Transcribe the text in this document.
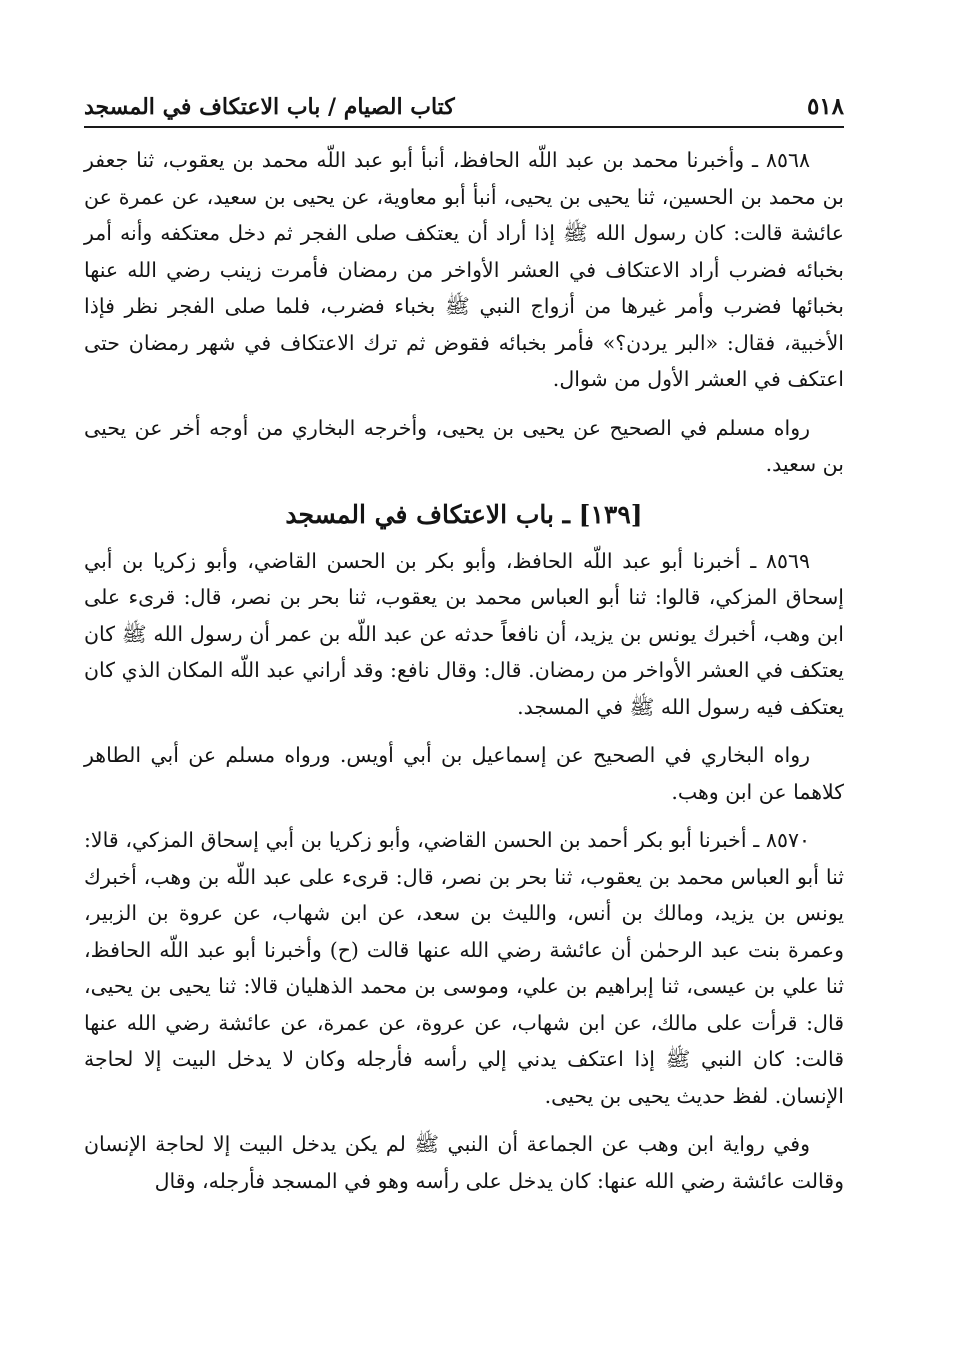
٥١٨
كتاب الصيام / باب الاعتكاف في المسجد

٨٥٦٨ ـ وأخبرنا محمد بن عبد اللّه الحافظ، أنبأ أبو عبد اللّه محمد بن يعقوب، ثنا جعفر بن محمد بن الحسين، ثنا يحيى بن يحيى، أنبأ أبو معاوية، عن يحيى بن سعيد، عن عمرة عن عائشة قالت: كان رسول الله ﷺ إذا أراد أن يعتكف صلى الفجر ثم دخل معتكفه وأنه أمر بخبائه فضرب أراد الاعتكاف في العشر الأواخر من رمضان فأمرت زينب رضي الله عنها بخبائها فضرب وأمر غيرها من أزواج النبي ﷺ بخباء فضرب، فلما صلى الفجر نظر فإذا الأخبية، فقال: «البر يردن؟» فأمر بخبائه فقوض ثم ترك الاعتكاف في شهر رمضان حتى اعتكف في العشر الأول من شوال.

رواه مسلم في الصحيح عن يحيى بن يحيى، وأخرجه البخاري من أوجه أخر عن يحيى بن سعيد.

[١٣٩] ـ باب الاعتكاف في المسجد

٨٥٦٩ ـ أخبرنا أبو عبد اللّه الحافظ، وأبو بكر بن الحسن القاضي، وأبو زكريا بن أبي إسحاق المزكي، قالوا: ثنا أبو العباس محمد بن يعقوب، ثنا بحر بن نصر، قال: قرىء على ابن وهب، أخبرك يونس بن يزيد، أن نافعاً حدثه عن عبد اللّه بن عمر أن رسول الله ﷺ كان يعتكف في العشر الأواخر من رمضان. قال: وقال نافع: وقد أراني عبد اللّه المكان الذي كان يعتكف فيه رسول الله ﷺ في المسجد.

رواه البخاري في الصحيح عن إسماعيل بن أبي أويس. ورواه مسلم عن أبي الطاهر كلاهما عن ابن وهب.

٨٥٧٠ ـ أخبرنا أبو بكر أحمد بن الحسن القاضي، وأبو زكريا بن أبي إسحاق المزكي، قالا: ثنا أبو العباس محمد بن يعقوب، ثنا بحر بن نصر، قال: قرىء على عبد اللّه بن وهب، أخبرك يونس بن يزيد، ومالك بن أنس، والليث بن سعد، عن ابن شهاب، عن عروة بن الزبير، وعمرة بنت عبد الرحمٰن أن عائشة رضي الله عنها قالت (ح) وأخبرنا أبو عبد اللّه الحافظ، ثنا علي بن عيسى، ثنا إبراهيم بن علي، وموسى بن محمد الذهليان قالا: ثنا يحيى بن يحيى، قال: قرأت على مالك، عن ابن شهاب، عن عروة، عن عمرة، عن عائشة رضي الله عنها قالت: كان النبي ﷺ إذا اعتكف يدني إلي رأسه فأرجله وكان لا يدخل البيت إلا لحاجة الإنسان. لفظ حديث يحيى بن يحيى.

وفي رواية ابن وهب عن الجماعة أن النبي ﷺ لم يكن يدخل البيت إلا لحاجة الإنسان وقالت عائشة رضي الله عنها: كان يدخل على رأسه وهو في المسجد فأرجله، وقال
